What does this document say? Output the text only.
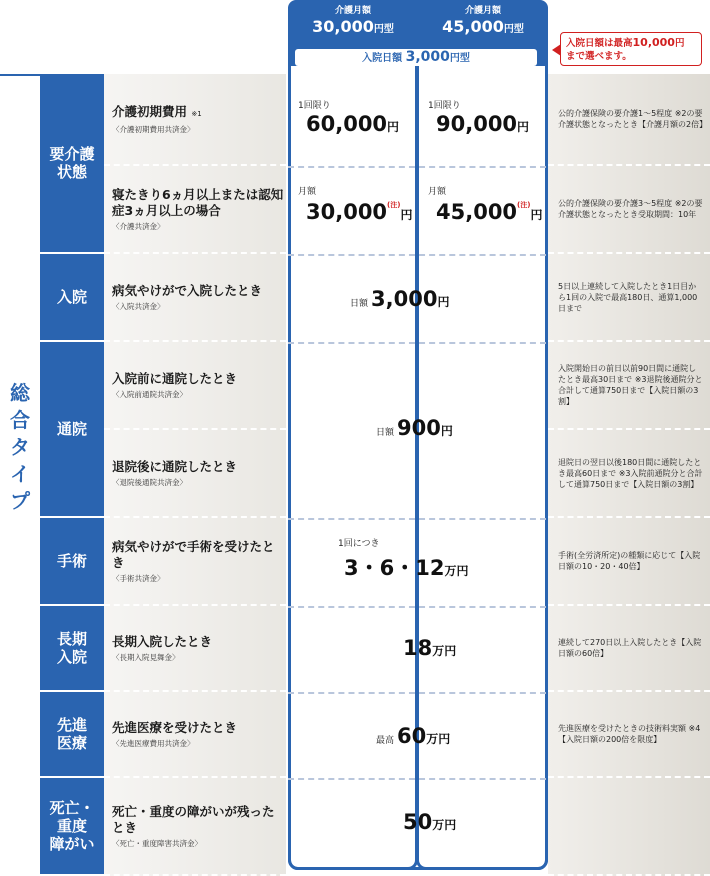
総合タイプ
要介護
状態
入院
通院
手術
長期
入院
先進
医療
死亡・
重度
障がい
介護初期費用 ※1
〈介護初期費用共済金〉
寝たきり6ヵ月以上または認知症3ヵ月以上の場合
〈介護共済金〉
病気やけがで入院したとき
〈入院共済金〉
入院前に通院したとき
〈入院前通院共済金〉
退院後に通院したとき
〈退院後通院共済金〉
病気やけがで手術を受けたとき
〈手術共済金〉
長期入院したとき
〈長期入院見舞金〉
先進医療を受けたとき
〈先進医療費用共済金〉
死亡・重度の障がいが残ったとき
〈死亡・重度障害共済金〉
公的介護保険の要介護1～5程度 ※2の要介護状態となったとき【介護月額の2倍】
公的介護保険の要介護3～5程度 ※2の要介護状態となったとき受取期間：10年
5日以上連続して入院したとき1日目から1回の入院で最高180日、通算1,000日まで
入院開始日の前日以前90日間に通院したとき最高30日まで ※3退院後通院分と合計して通算750日まで【入院日額の3割】
退院日の翌日以後180日間に通院したとき最高60日まで ※3入院前通院分と合計して通算750日まで【入院日額の3割】
手術(全労済所定)の種類に応じて【入院日額の10・20・40倍】
連続して270日以上入院したとき【入院日額の60倍】
先進医療を受けたときの技術料実額 ※4【入院日額の200倍を限度】
介護月額
30,000円型
介護月額
45,000円型
入院日額 3,000円型
入院日額は最高10,000円
まで選べます。
1回限り
60,000円
1回限り
90,000円
月額
30,000$^{(注)}$円
月額
45,000$^{(注)}$円
日額 3,000円
日額 900円
1回につき
3・6・12万円
18万円
最高 60万円
50万円
